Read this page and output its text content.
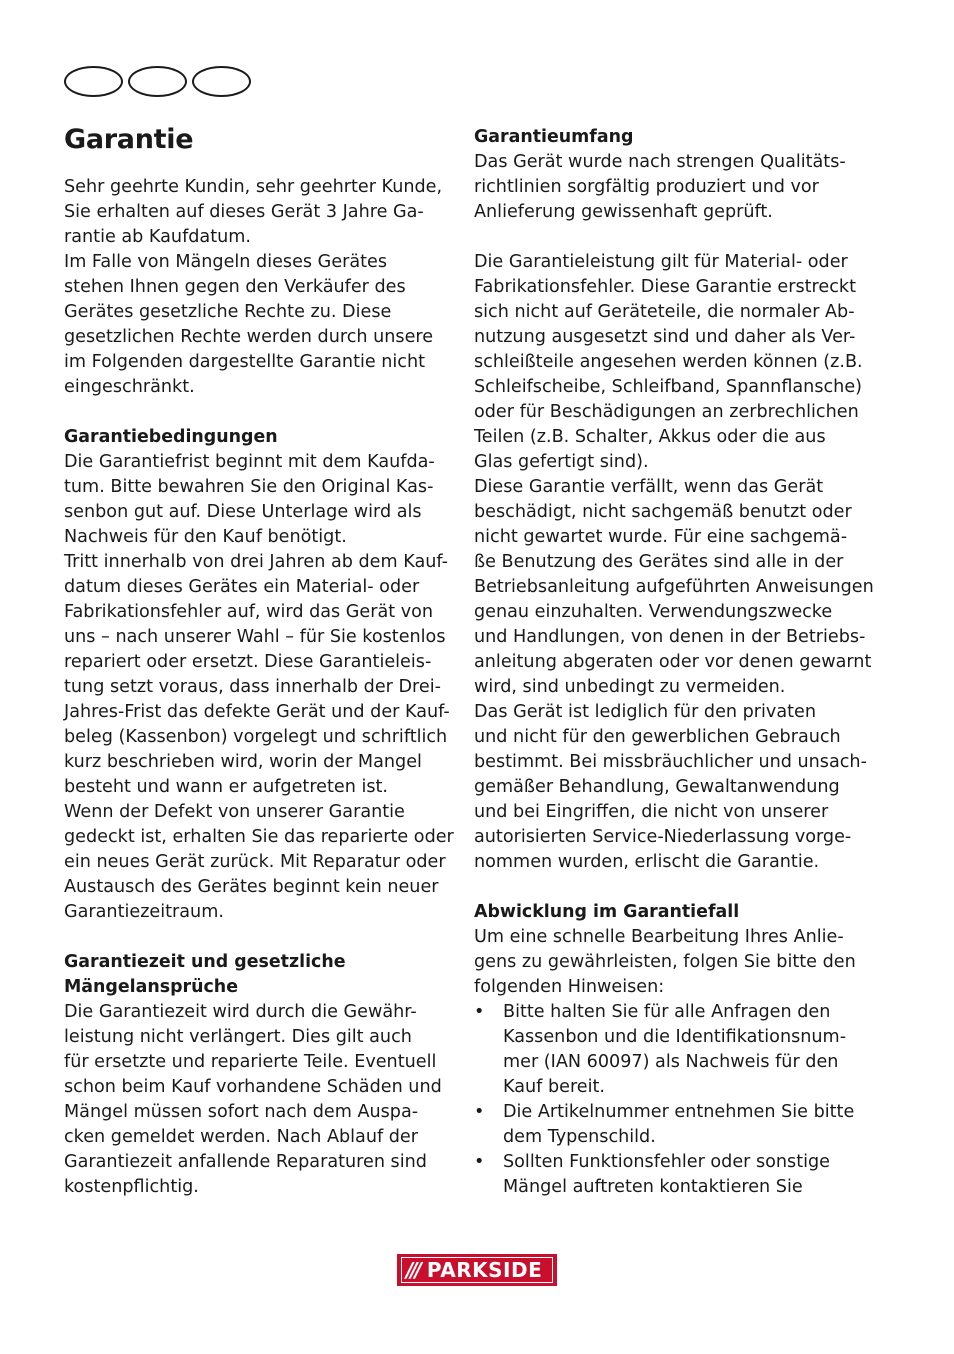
Garantie
Sehr geehrte Kundin, sehr geehrter Kunde,
Sie erhalten auf dieses Gerät 3 Jahre Ga-
rantie ab Kaufdatum.
Im Falle von Mängeln dieses Gerätes
stehen Ihnen gegen den Verkäufer des
Gerätes gesetzliche Rechte zu. Diese
gesetzlichen Rechte werden durch unsere
im Folgenden dargestellte Garantie nicht
eingeschränkt.
Garantiebedingungen
Die Garantiefrist beginnt mit dem Kaufda-
tum. Bitte bewahren Sie den Original Kas-
senbon gut auf. Diese Unterlage wird als
Nachweis für den Kauf benötigt.
Tritt innerhalb von drei Jahren ab dem Kauf-
datum dieses Gerätes ein Material- oder
Fabrikationsfehler auf, wird das Gerät von
uns – nach unserer Wahl – für Sie kostenlos
repariert oder ersetzt. Diese Garantieleis-
tung setzt voraus, dass innerhalb der Drei-
Jahres-Frist das defekte Gerät und der Kauf-
beleg (Kassenbon) vorgelegt und schriftlich
kurz beschrieben wird, worin der Mangel
besteht und wann er aufgetreten ist.
Wenn der Defekt von unserer Garantie
gedeckt ist, erhalten Sie das reparierte oder
ein neues Gerät zurück. Mit Reparatur oder
Austausch des Gerätes beginnt kein neuer
Garantiezeitraum.
Garantiezeit und gesetzliche
Mängelansprüche
Die Garantiezeit wird durch die Gewähr-
leistung nicht verlängert. Dies gilt auch
für ersetzte und reparierte Teile. Eventuell
schon beim Kauf vorhandene Schäden und
Mängel müssen sofort nach dem Auspa-
cken gemeldet werden. Nach Ablauf der
Garantiezeit anfallende Reparaturen sind
kostenpflichtig.
Garantieumfang
Das Gerät wurde nach strengen Qualitäts-
richtlinien sorgfältig produziert und vor
Anlieferung gewissenhaft geprüft.
Die Garantieleistung gilt für Material- oder
Fabrikationsfehler. Diese Garantie erstreckt
sich nicht auf Geräteteile, die normaler Ab-
nutzung ausgesetzt sind und daher als Ver-
schleißteile angesehen werden können (z.B.
Schleifscheibe, Schleifband, Spannflansche)
oder für Beschädigungen an zerbrechlichen
Teilen (z.B. Schalter, Akkus oder die aus
Glas gefertigt sind).
Diese Garantie verfällt, wenn das Gerät
beschädigt, nicht sachgemäß benutzt oder
nicht gewartet wurde. Für eine sachgemä-
ße Benutzung des Gerätes sind alle in der
Betriebsanleitung aufgeführten Anweisungen
genau einzuhalten. Verwendungszwecke
und Handlungen, von denen in der Betriebs-
anleitung abgeraten oder vor denen gewarnt
wird, sind unbedingt zu vermeiden.
Das Gerät ist lediglich für den privaten
und nicht für den gewerblichen Gebrauch
bestimmt. Bei missbräuchlicher und unsach-
gemäßer Behandlung, Gewaltanwendung
und bei Eingriffen, die nicht von unserer
autorisierten Service-Niederlassung vorge-
nommen wurden, erlischt die Garantie.
Abwicklung im Garantiefall
Um eine schnelle Bearbeitung Ihres Anlie-
gens zu gewährleisten, folgen Sie bitte den
folgenden Hinweisen:
• Bitte halten Sie für alle Anfragen den
Kassenbon und die Identifikationsnum-
mer (IAN 60097) als Nachweis für den
Kauf bereit.
• Die Artikelnummer entnehmen Sie bitte
dem Typenschild.
• Sollten Funktionsfehler oder sonstige
Mängel auftreten kontaktieren Sie
/// PARKSIDE
